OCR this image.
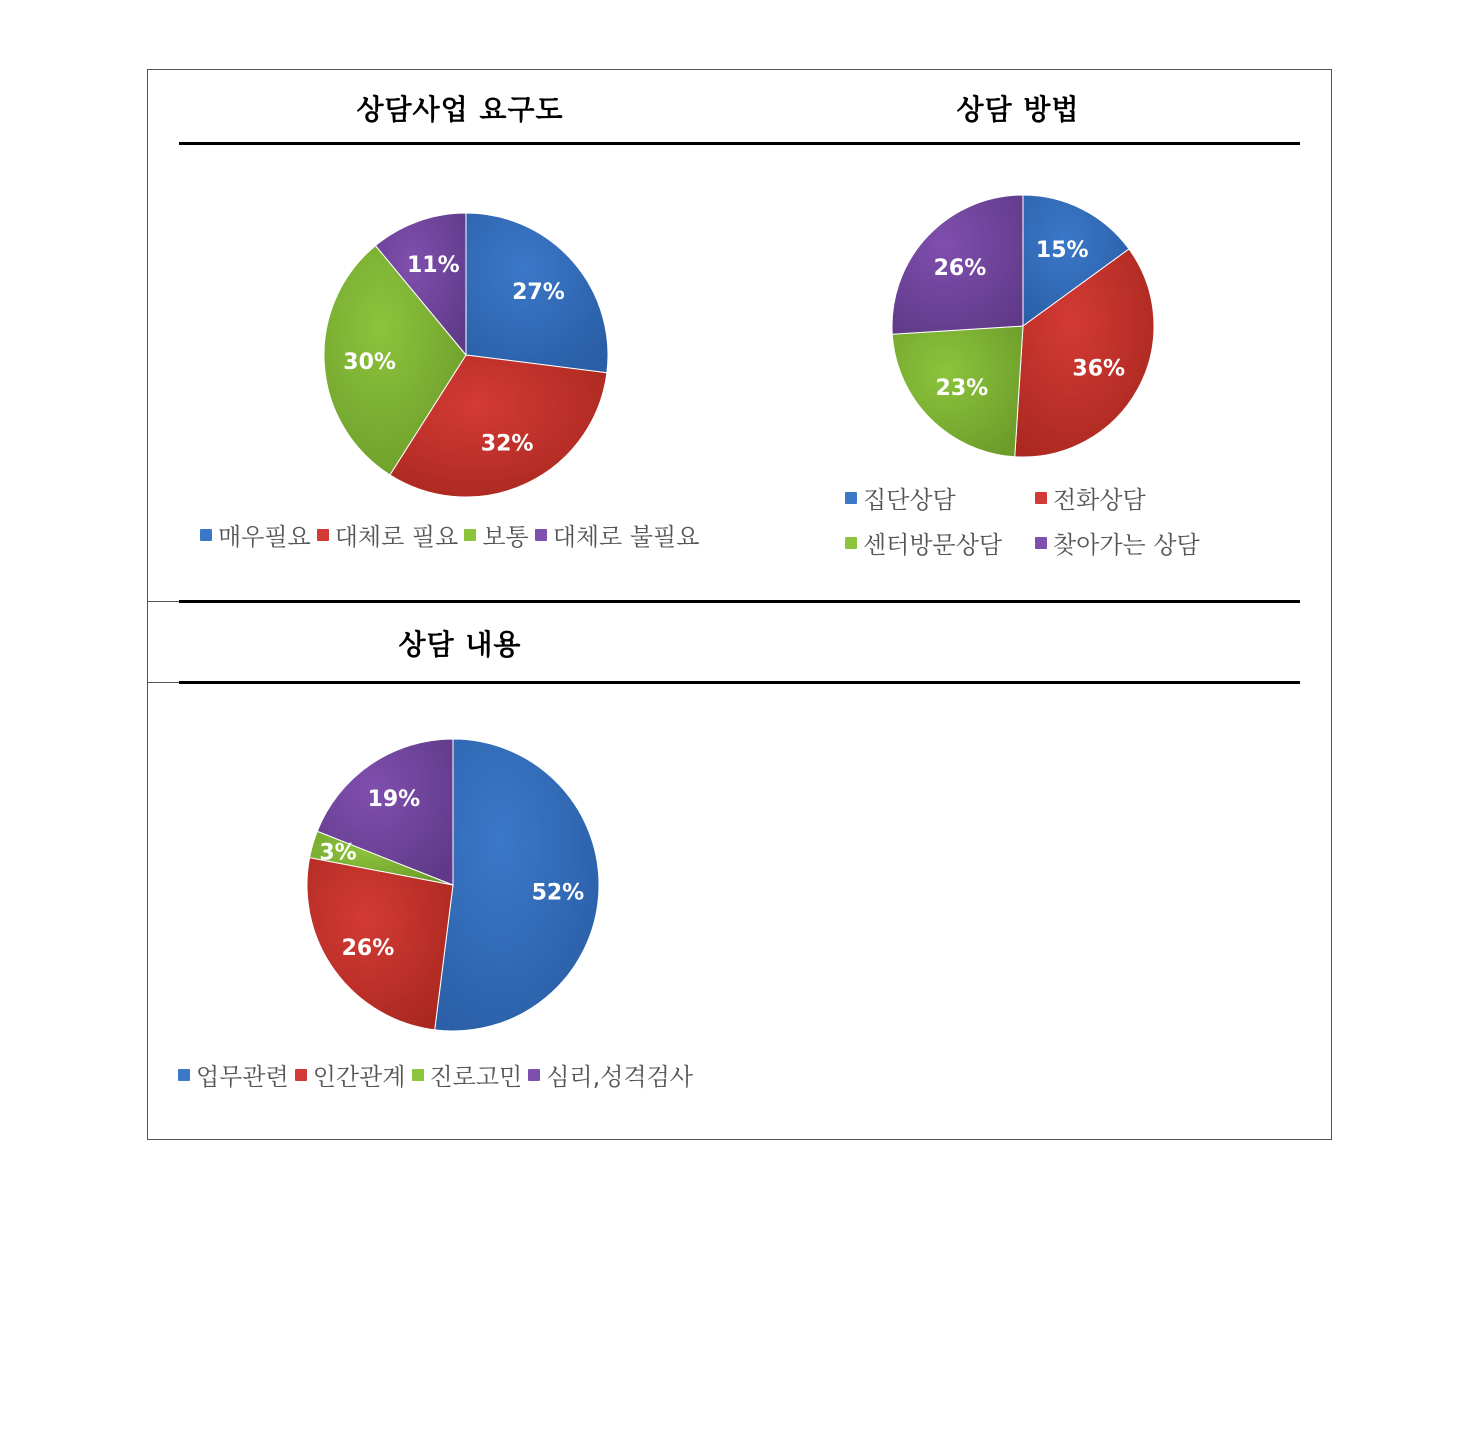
상담사업 요구도	상담 방법
상담 내용
27%
32%
30%
11%
15%
36%
23%
26%
52%
26%
3%
19%
매우필요 대체로 필요 보통 대체로 불필요
집단상담	전화상담
센터방문상담 찾아가는 상담
업무관련 인간관계 진로고민 심리,성격검사
